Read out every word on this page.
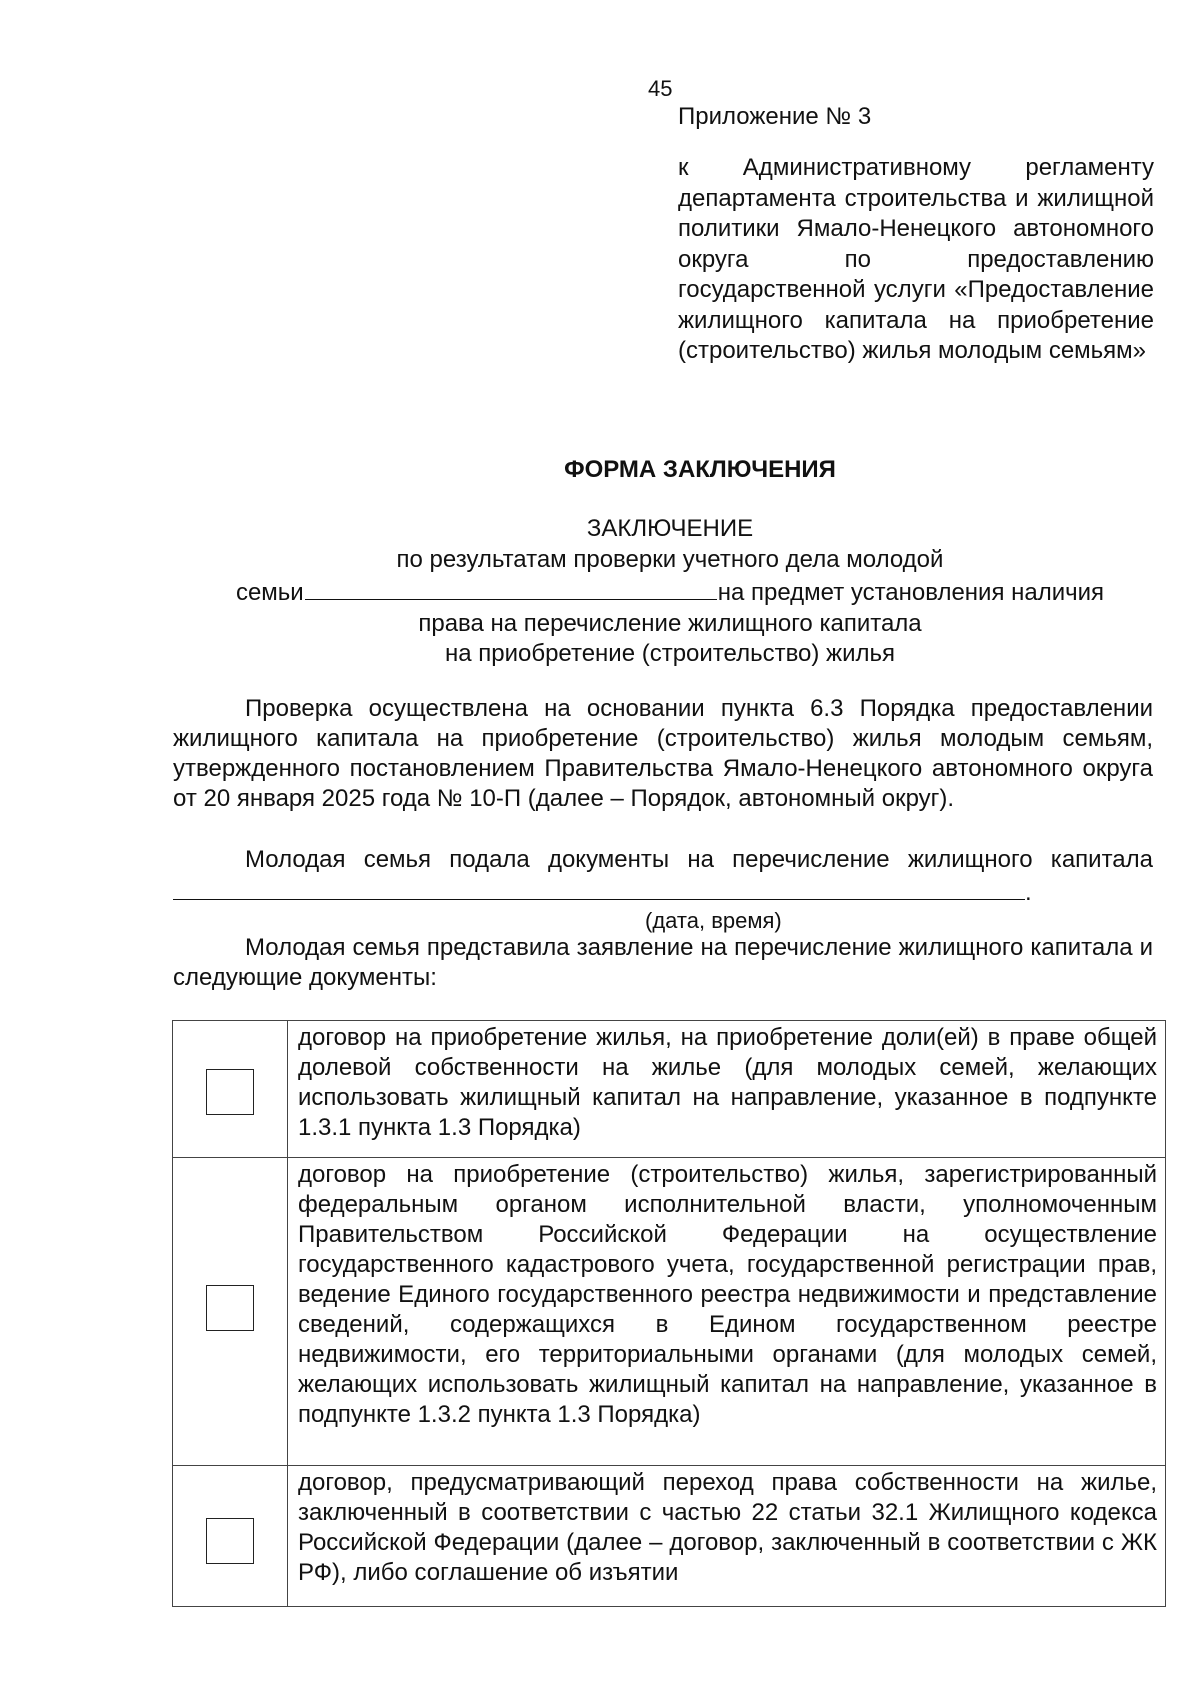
45
Приложение № 3
к Административному регламенту департамента строительства и жилищной политики Ямало-Ненецкого автономного округа по предоставлению государственной услуги «Предоставление жилищного капитала на приобретение (строительство) жилья молодым семьям»
ФОРМА ЗАКЛЮЧЕНИЯ
ЗАКЛЮЧЕНИЕ
по результатам проверки учетного дела молодой
семьи	на предмет установления наличия
права на перечисление жилищного капитала
на приобретение (строительство) жилья
Проверка осуществлена на основании пункта 6.3 Порядка предоставлении жилищного капитала на приобретение (строительство) жилья молодым семьям, утвержденного постановлением Правительства Ямало-Ненецкого автономного округа от 20 января 2025 года № 10-П (далее – Порядок, автономный округ).
Молодая семья подала документы на перечисление жилищного капитала.
(дата, время)
Молодая семья представила заявление на перечисление жилищного капитала и следующие документы:
	договор на приобретение жилья, на приобретение доли(ей) в праве общей долевой собственности на жилье (для молодых семей, желающих использовать жилищный капитал на направление, указанное в подпункте 1.3.1 пункта 1.3 Порядка)
	договор на приобретение (строительство) жилья, зарегистрированный федеральным органом исполнительной власти, уполномоченным Правительством Российской Федерации на осуществление государственного кадастрового учета, государственной регистрации прав, ведение Единого государственного реестра недвижимости и представление сведений, содержащихся в Едином государственном реестре недвижимости, его территориальными органами (для молодых семей, желающих использовать жилищный капитал на направление, указанное в подпункте 1.3.2 пункта 1.3 Порядка)
	договор, предусматривающий переход права собственности на жилье, заключенный в соответствии с частью 22 статьи 32.1 Жилищного кодекса Российской Федерации (далее – договор, заключенный в соответствии с ЖК РФ), либо соглашение об изъятии
